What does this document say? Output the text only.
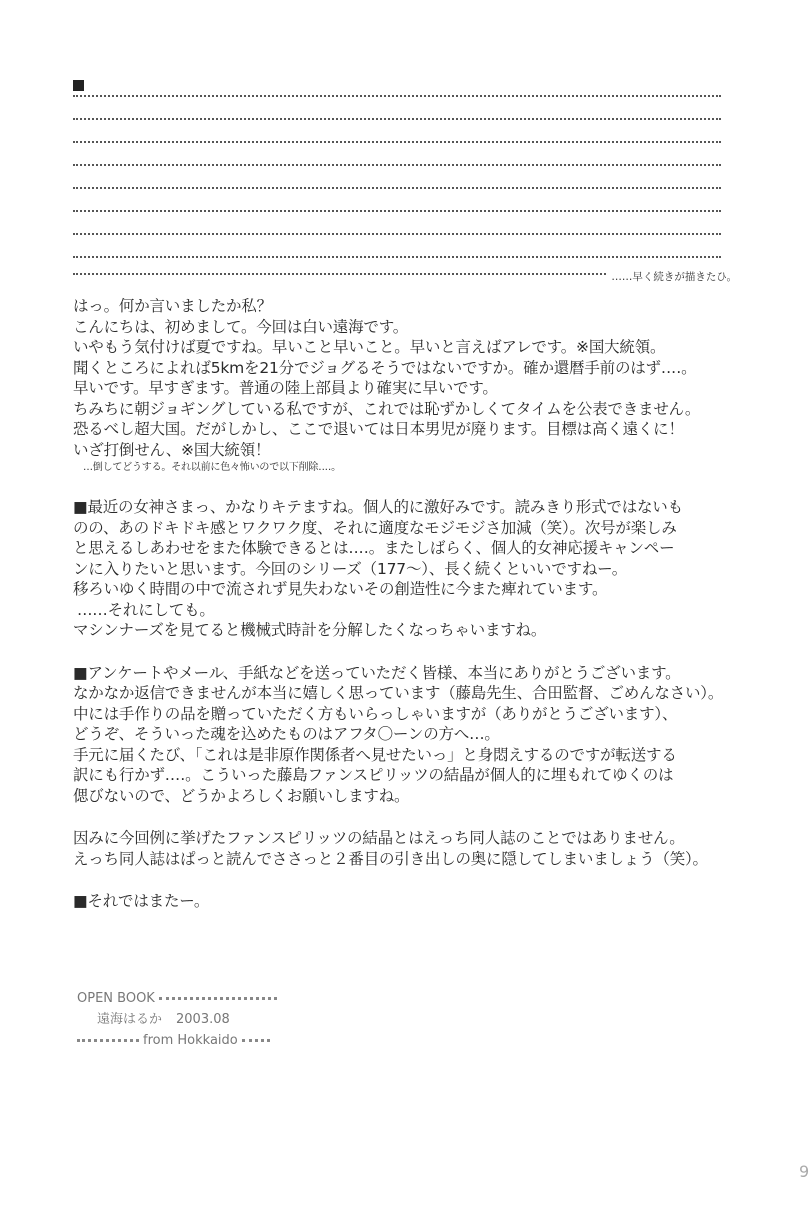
……早く続きが描きたひ。
はっ。何か言いましたか私？
こんにちは、初めまして。今回は白い遠海です。
いやもう気付けば夏ですね。早いこと早いこと。早いと言えばアレです。※国大統領。
聞くところによれば5kmを21分でジョグるそうではないですか。確か還暦手前のはず‥‥。
早いです。早すぎます。普通の陸上部員より確実に早いです。
ちみちに朝ジョギングしている私ですが、これでは恥ずかしくてタイムを公表できません。
恐るべし超大国。だがしかし、ここで退いては日本男児が廃ります。目標は高く遠くに！
いざ打倒せん、※国大統領！
…倒してどうする。それ以前に色々怖いので以下削除‥‥。
■最近の女神さまっ、かなりキテますね。個人的に激好みです。読みきり形式ではないも
のの、あのドキドキ感とワクワク度、それに適度なモジモジさ加減（笑）。次号が楽しみ
と思えるしあわせをまた体験できるとは‥‥。またしばらく、個人的女神応援キャンペー
ンに入りたいと思います。今回のシリーズ（177～）、長く続くといいですねー。
移ろいゆく時間の中で流されず見失わないその創造性に今また痺れています。
……それにしても。
マシンナーズを見てると機械式時計を分解したくなっちゃいますね。
■アンケートやメール、手紙などを送っていただく皆様、本当にありがとうございます。
なかなか返信できませんが本当に嬉しく思っています（藤島先生、合田監督、ごめんなさい）。
中には手作りの品を贈っていただく方もいらっしゃいますが（ありがとうございます）、
どうぞ、そういった魂を込めたものはアフタ〇ーンの方へ…。
手元に届くたび、「これは是非原作関係者へ見せたいっ」と身悶えするのですが転送する
訳にも行かず‥‥。こういった藤島ファンスピリッツの結晶が個人的に埋もれてゆくのは
偲びないので、どうかよろしくお願いしますね。
因みに今回例に挙げたファンスピリッツの結晶とはえっち同人誌のことではありません。
えっち同人誌はぱっと読んでささっと２番目の引き出しの奥に隠してしまいましょう（笑）。
■それではまたー。
OPEN BOOK
遠海はるか 2003.08
from Hokkaido
9
